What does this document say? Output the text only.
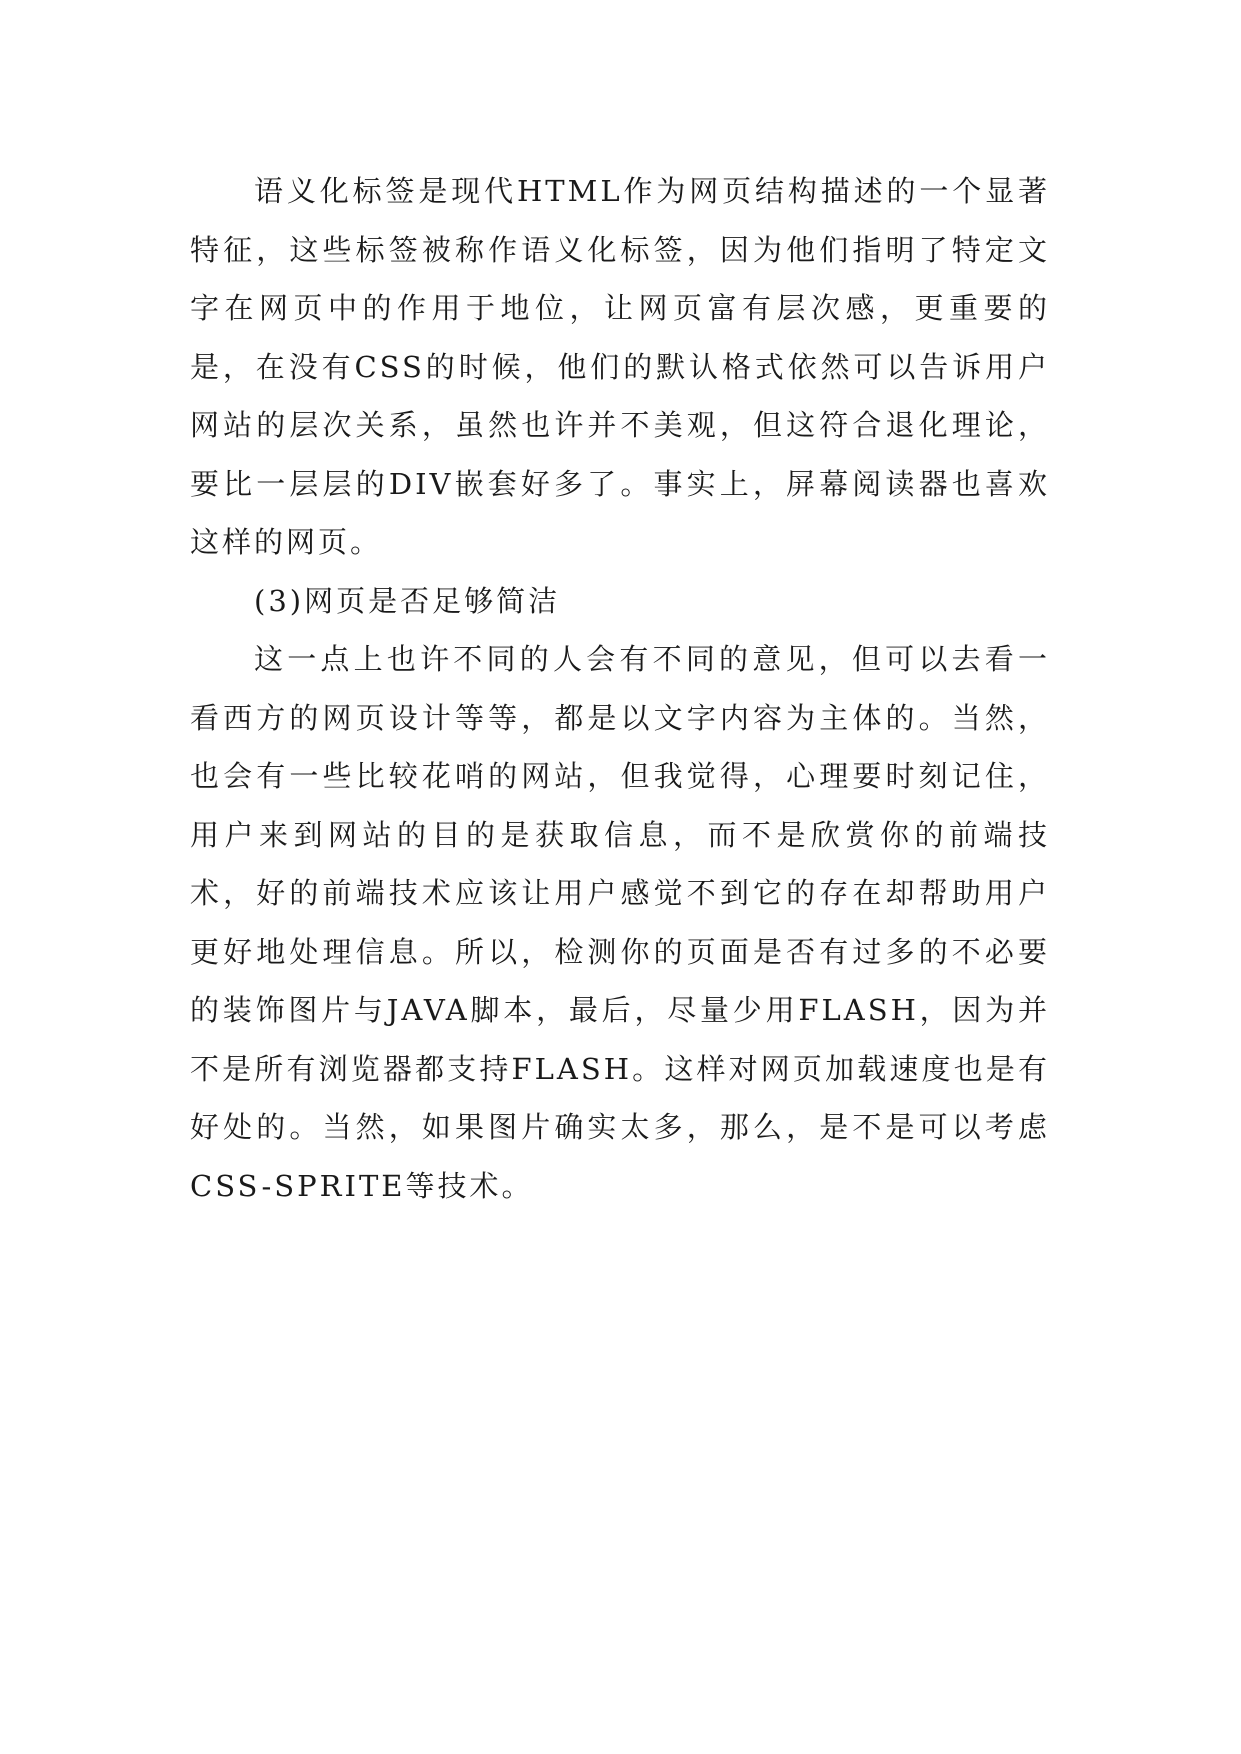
语义化标签是现代HTML作为网页结构描述的一个显著特征，这些标签被称作语义化标签，因为他们指明了特定文字在网页中的作用于地位，让网页富有层次感，更重要的是，在没有CSS的时候，他们的默认格式依然可以告诉用户网站的层次关系，虽然也许并不美观，但这符合退化理论，要比一层层的DIV嵌套好多了。事实上，屏幕阅读器也喜欢这样的网页。

(3)网页是否足够简洁

这一点上也许不同的人会有不同的意见，但可以去看一看西方的网页设计等等，都是以文字内容为主体的。当然，也会有一些比较花哨的网站，但我觉得，心理要时刻记住，用户来到网站的目的是获取信息，而不是欣赏你的前端技术，好的前端技术应该让用户感觉不到它的存在却帮助用户更好地处理信息。所以，检测你的页面是否有过多的不必要的装饰图片与JAVA脚本，最后，尽量少用FLASH，因为并不是所有浏览器都支持FLASH。这样对网页加载速度也是有好处的。当然，如果图片确实太多，那么，是不是可以考虑CSS-SPRITE等技术。
